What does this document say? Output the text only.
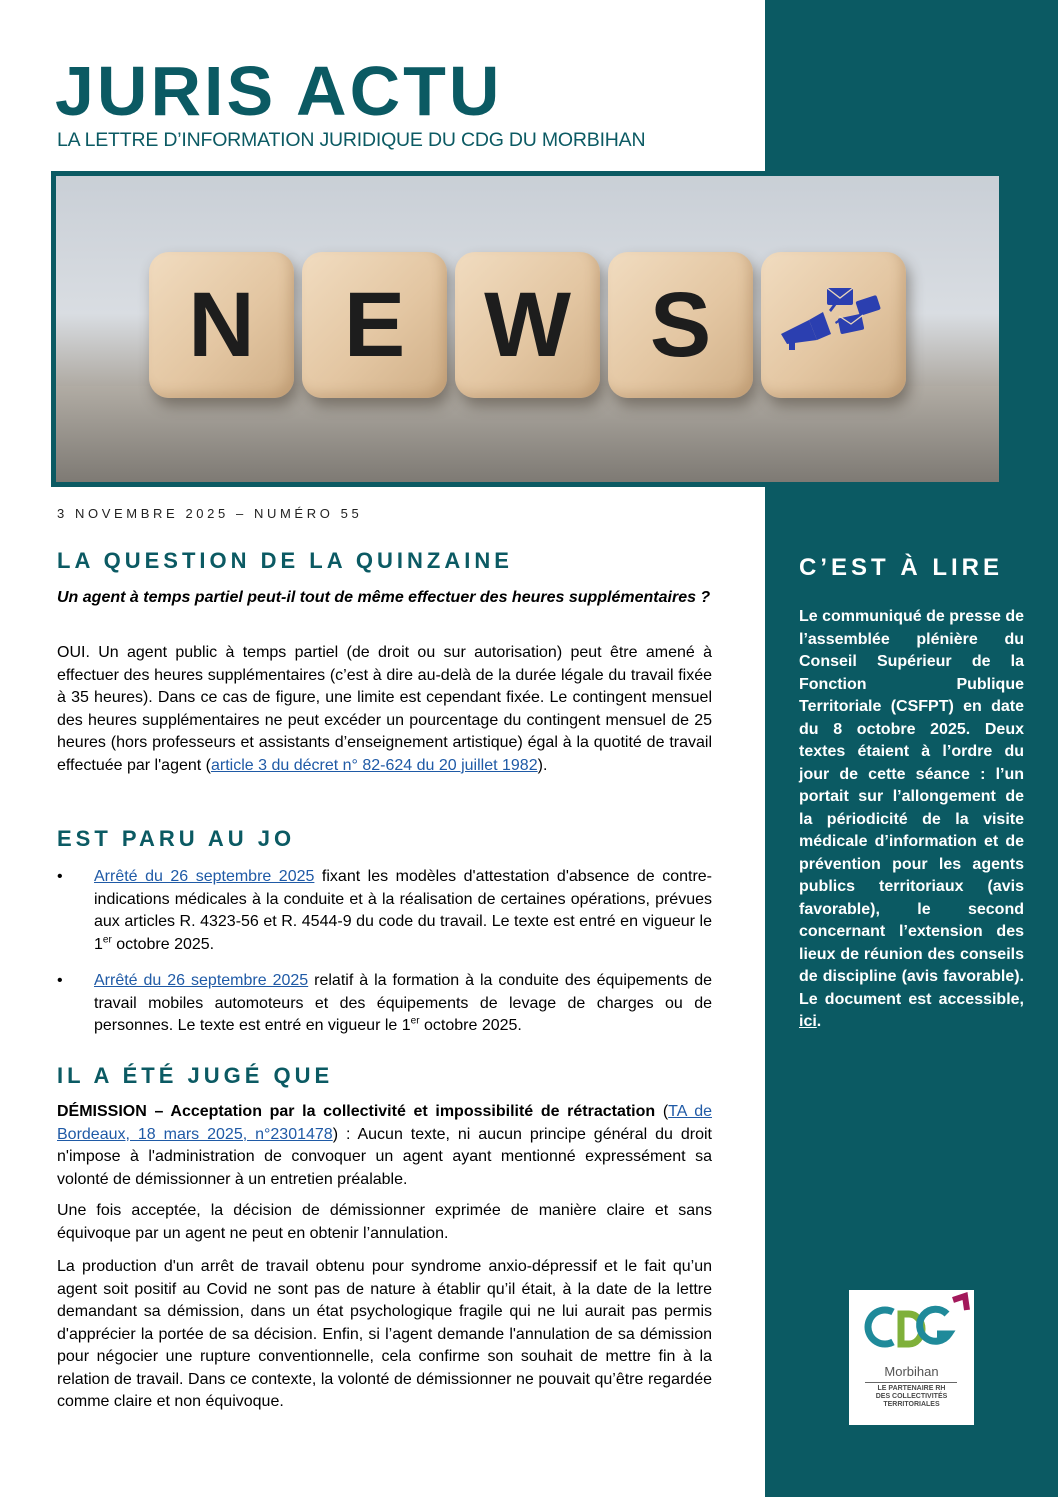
JURIS ACTU
LA LETTRE D’INFORMATION JURIDIQUE DU CDG DU MORBIHAN
N E W S
3 NOVEMBRE 2025 – NUMÉRO 55
LA QUESTION DE LA QUINZAINE
Un agent à temps partiel peut-il tout de même effectuer des heures supplémentaires ?
OUI. Un agent public à temps partiel (de droit ou sur autorisation) peut être amené à effectuer des heures supplémentaires (c’est à dire au-delà de la durée légale du travail fixée à 35 heures). Dans ce cas de figure, une limite est cependant fixée. Le contingent mensuel des heures supplémentaires ne peut excéder un pourcentage du contingent mensuel de 25 heures (hors professeurs et assistants d’enseignement artistique) égal à la quotité de travail effectuée par l'agent (article 3 du décret n° 82-624 du 20 juillet 1982).
EST PARU AU JO
• Arrêté du 26 septembre 2025 fixant les modèles d'attestation d'absence de contre-indications médicales à la conduite et à la réalisation de certaines opérations, prévues aux articles R. 4323-56 et R. 4544-9 du code du travail. Le texte est entré en vigueur le 1er octobre 2025.
• Arrêté du 26 septembre 2025 relatif à la formation à la conduite des équipements de travail mobiles automoteurs et des équipements de levage de charges ou de personnes. Le texte est entré en vigueur le 1er octobre 2025.
IL A ÉTÉ JUGÉ QUE
DÉMISSION – Acceptation par la collectivité et impossibilité de rétractation (TA de Bordeaux, 18 mars 2025, n°2301478) : Aucun texte, ni aucun principe général du droit n'impose à l'administration de convoquer un agent ayant mentionné expressément sa volonté de démissionner à un entretien préalable.
Une fois acceptée, la décision de démissionner exprimée de manière claire et sans équivoque par un agent ne peut en obtenir l’annulation.
La production d'un arrêt de travail obtenu pour syndrome anxio-dépressif et le fait qu’un agent soit positif au Covid ne sont pas de nature à établir qu’il était, à la date de la lettre demandant sa démission, dans un état psychologique fragile qui ne lui aurait pas permis d'apprécier la portée de sa décision. Enfin, si l’agent demande l'annulation de sa démission pour négocier une rupture conventionnelle, cela confirme son souhait de mettre fin à la relation de travail. Dans ce contexte, la volonté de démissionner ne pouvait qu’être regardée comme claire et non équivoque.
C’EST À LIRE
Le communiqué de presse de l’assemblée plénière du Conseil Supérieur de la Fonction Publique Territoriale (CSFPT) en date du 8 octobre 2025. Deux textes étaient à l’ordre du jour de cette séance : l’un portait sur l’allongement de la périodicité de la visite médicale d’information et de prévention pour les agents publics territoriaux (avis favorable), le second concernant l’extension des lieux de réunion des conseils de discipline (avis favorable). Le document est accessible, ici.
Morbihan
LE PARTENAIRE RH
DES COLLECTIVITÉS
TERRITORIALES
